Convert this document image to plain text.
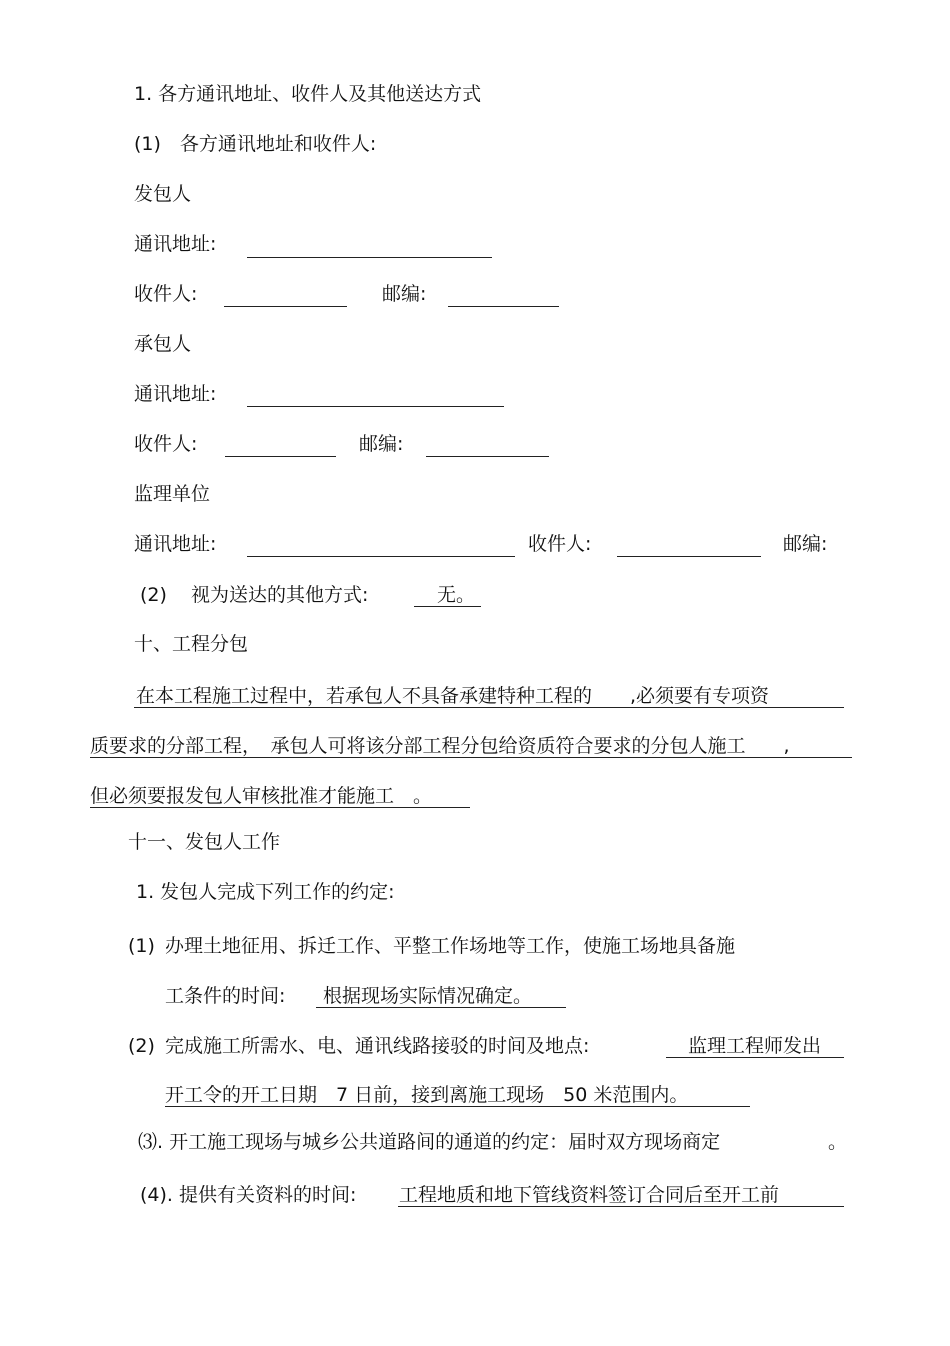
1. 各方通讯地址、收件人及其他送达方式
(1)　各方通讯地址和收件人:
发包人
通讯地址:
收件人:	邮编:
承包人
通讯地址:
收件人:	邮编:
监理单位
通讯地址:	收件人:	邮编:
(2) 视为送达的其他方式:	无。
十、工程分包
在本工程施工过程中，若承包人不具备承建特种工程的　　,必须要有专项资
质要求的分部工程，　承包人可将该分部工程分包给资质符合要求的分包人施工　　,
但必须要报发包人审核批准才能施工　。
十一、发包人工作
1. 发包人完成下列工作的约定:
(1) 办理土地征用、拆迁工作、平整工作场地等工作，使施工场地具备施
工条件的时间: 根据现场实际情况确定。
(2) 完成施工所需水、电、通讯线路接驳的时间及地点:	监理工程师发出
开工令的开工日期　7 日前，接到离施工现场　50 米范围内。
⑶. 开工施工现场与城乡公共道路间的通道的约定：届时双方现场商定	。
(4). 提供有关资料的时间: 工程地质和地下管线资料签订合同后至开工前
